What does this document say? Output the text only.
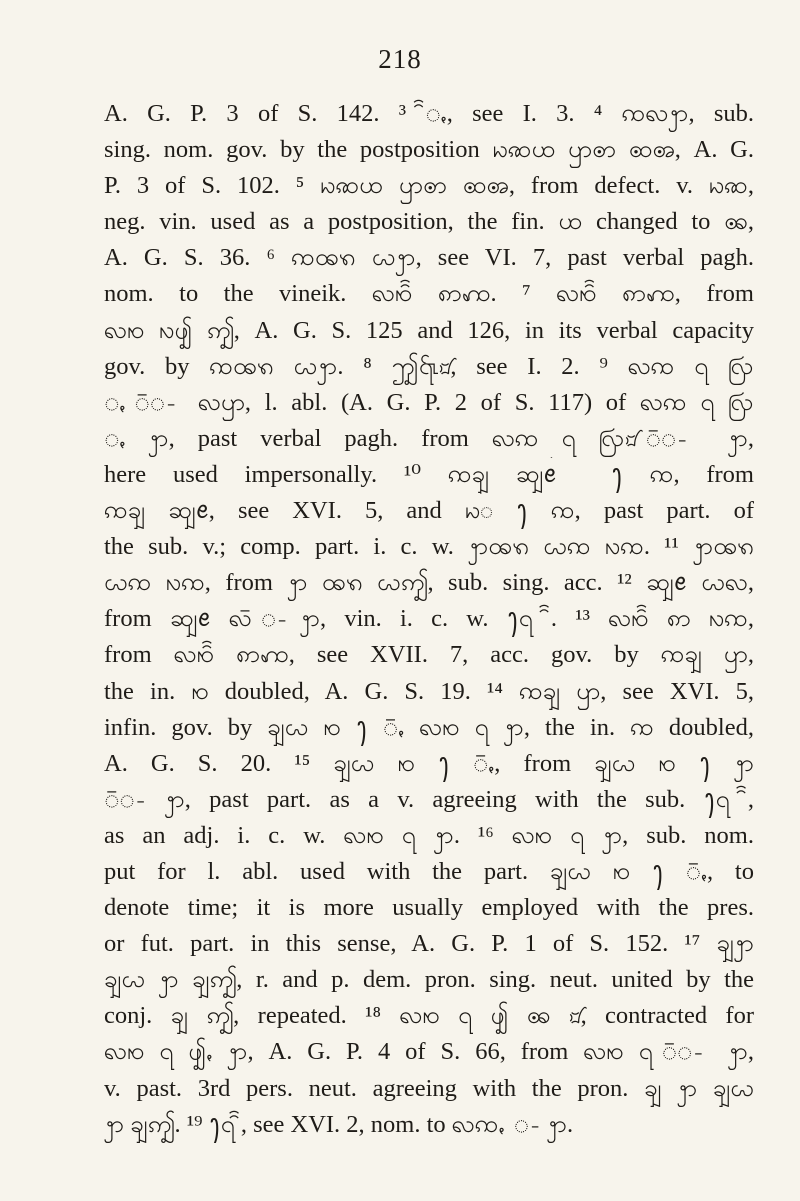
218
A. G. P. 3 of S. 142. ³ ꩰꩻ, see I. 3. ⁴ ꩡꩮꩭ, sub.
sing. nom. gov. by the postposition ꩢꩣꩤ ꩥꩦ ꩧꩨ, A. G.
P. 3 of S. 102. ⁵ ꩢꩣꩤ ꩥꩦ ꩧꩨ, from defect. v. ꩢꩣ,
neg. vin. used as a postposition, the fin. ꩤ changed to ꩩ,
A. G. S. 36. ⁶ ꩡꩪꩫ ꩬꩭ, see VI. 7, past verbal pagh.
nom. to the vineik. ꩮꩯꩰ ꩱꩲ. ⁷ ꩮꩯꩰ ꩱꩲ, from
ꩮꩯ ꩳꩴ ꩵ, A. G. S. 125 and 126, in its verbal capacity
gov. by ꩡꩪꩫ ꩬꩭ. ⁸ ꩶ꩷꩸, see I. 2. ⁹ ꩮꩡ ꩹ ꩺ
ꩻ ꩼꩽ ꩮꩥ, l. abl. (A. G. P. 2 of S. 117) of ꩮꩡ ꩹ ꩺ
ꩻ ꩭ, past verbal pagh. from ꩮꩡ ꩹ ꩺ꩸ ꩼꩽ ꩭ,
here used impersonally. ¹⁰ ꩡꩾ ꩿꫀ ꫁ ꫂ ꩡ, from
ꩡꩾ ꩿꫀ, see XVI. 5, and ꩢ꫁ ꫂ ꩡ, past part. of
the sub. v.; comp. part. i. c. w. ꩭꩪꩫ ꩬꩡ ꩳꩡ. ¹¹ ꩭꩪꩫ
ꩬꩡ ꩳꩡ, from ꩭ ꩪꩫ ꩬꩵ, sub. sing. acc. ¹² ꩿꫀ ꩬꩮ,
from ꩿꫀ ꩮꩼ ꩽꩭ, vin. i. c. w. ꫂ꩹ ꩰ. ¹³ ꩮꩯꩰ ꩱ ꩳꩡ,
from ꩮꩯꩰ ꩱꩲ, see XVII. 7, acc. gov. by ꩡꩾ ꩥ,
the in. ꩯ doubled, A. G. S. 19. ¹⁴ ꩡꩾ ꩥ, see XVI. 5,
infin. gov. by ꩾꩬ ꩯ ꫂ ꩼꩻ ꩮꩯ ꩹ ꩭ, the in. ꩡ doubled,
A. G. S. 20. ¹⁵ ꩾꩬ ꩯ ꫂ ꩼꩻ, from ꩾꩬ ꩯ ꫂ ꩭ
ꩼꩽ ꩭ, past part. as a v. agreeing with the sub. ꫂ꩹ ꩰ,
as an adj. i. c. w. ꩮꩯ ꩹ ꩭ. ¹⁶ ꩮꩯ ꩹ ꩭ, sub. nom.
put for l. abl. used with the part. ꩾꩬ ꩯ ꫂ ꩼꩻ, to
denote time; it is more usually employed with the pres.
or fut. part. in this sense, A. G. P. 1 of S. 152. ¹⁷ ꩾꩭ
ꩾꩬ ꩭ ꩾꩵ, r. and p. dem. pron. sing. neut. united by the
conj. ꩾ ꩵ, repeated. ¹⁸ ꩮꩯ ꩹ ꩴ ꩩ ꩸, contracted for
ꩮꩯ ꩹ ꩴꩻ ꩭ, A. G. P. 4 of S. 66, from ꩮꩯ ꩹ ꩼꩽ ꩭ,
v. past. 3rd pers. neut. agreeing with the pron. ꩾ ꩭ ꩾꩬ
ꩭ ꩾꩵ. ¹⁹ ꫂ꩹ ꩰ, see XVI. 2, nom. to ꩮꩡꩻ ꩽ ꩭ.
